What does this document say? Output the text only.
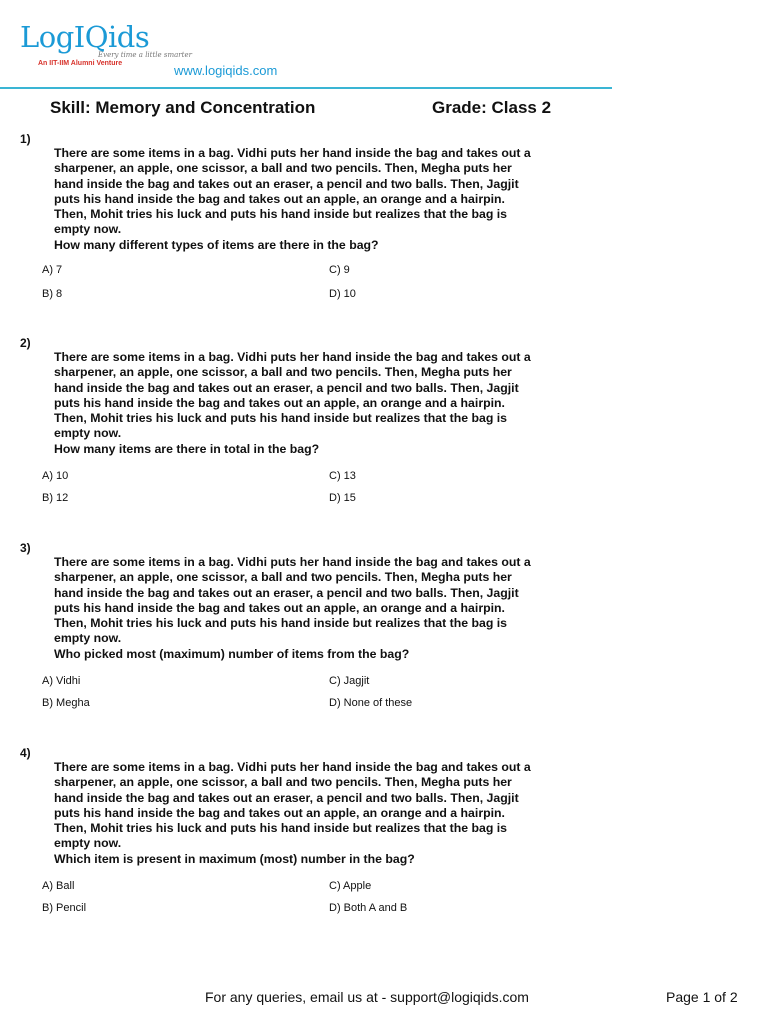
LogIQids
Every time a little smarter
An IIT-IIM Alumni Venture	www.logiqids.com
Skill: Memory and Concentration	Grade: Class 2
1)
There are some items in a bag. Vidhi puts her hand inside the bag and takes out a
sharpener, an apple, one scissor, a ball and two pencils. Then, Megha puts her
hand inside the bag and takes out an eraser, a pencil and two balls. Then, Jagjit
puts his hand inside the bag and takes out an apple, an orange and a hairpin.
Then, Mohit tries his luck and puts his hand inside but realizes that the bag is
empty now.
How many different types of items are there in the bag?
A) 7	C) 9
B) 8	D) 10
2)
There are some items in a bag. Vidhi puts her hand inside the bag and takes out a
sharpener, an apple, one scissor, a ball and two pencils. Then, Megha puts her
hand inside the bag and takes out an eraser, a pencil and two balls. Then, Jagjit
puts his hand inside the bag and takes out an apple, an orange and a hairpin.
Then, Mohit tries his luck and puts his hand inside but realizes that the bag is
empty now.
How many items are there in total in the bag?
A) 10	C) 13
B) 12	D) 15
3)
There are some items in a bag. Vidhi puts her hand inside the bag and takes out a
sharpener, an apple, one scissor, a ball and two pencils. Then, Megha puts her
hand inside the bag and takes out an eraser, a pencil and two balls. Then, Jagjit
puts his hand inside the bag and takes out an apple, an orange and a hairpin.
Then, Mohit tries his luck and puts his hand inside but realizes that the bag is
empty now.
Who picked most (maximum) number of items from the bag?
A) Vidhi	C) Jagjit
B) Megha	D) None of these
4)
There are some items in a bag. Vidhi puts her hand inside the bag and takes out a
sharpener, an apple, one scissor, a ball and two pencils. Then, Megha puts her
hand inside the bag and takes out an eraser, a pencil and two balls. Then, Jagjit
puts his hand inside the bag and takes out an apple, an orange and a hairpin.
Then, Mohit tries his luck and puts his hand inside but realizes that the bag is
empty now.
Which item is present in maximum (most) number in the bag?
A) Ball	C) Apple
B) Pencil	D) Both A and B
For any queries, email us at - support@logiqids.com	Page 1 of 2
